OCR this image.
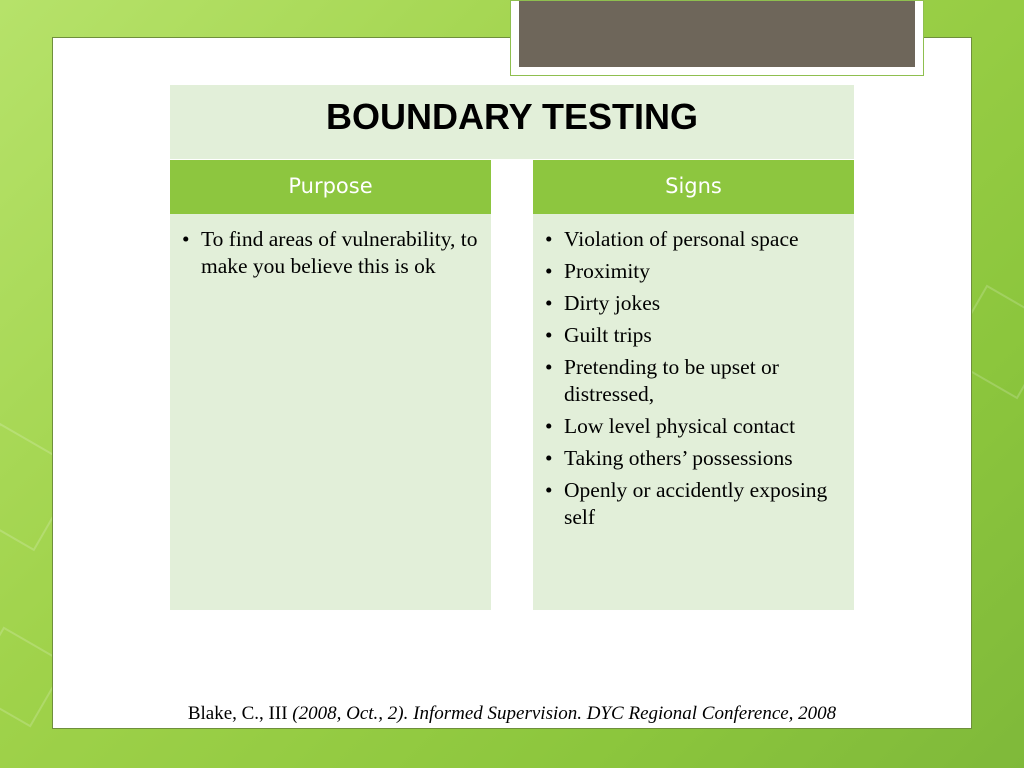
BOUNDARY TESTING
Purpose
• To find areas of vulnerability, to make you believe this is ok
Signs
• Violation of personal space
• Proximity
• Dirty jokes
• Guilt trips
• Pretending to be upset or distressed,
• Low level physical contact
• Taking others’ possessions
• Openly or accidently exposing self
Blake, C., III (2008, Oct., 2). Informed Supervision. DYC Regional Conference, 2008
